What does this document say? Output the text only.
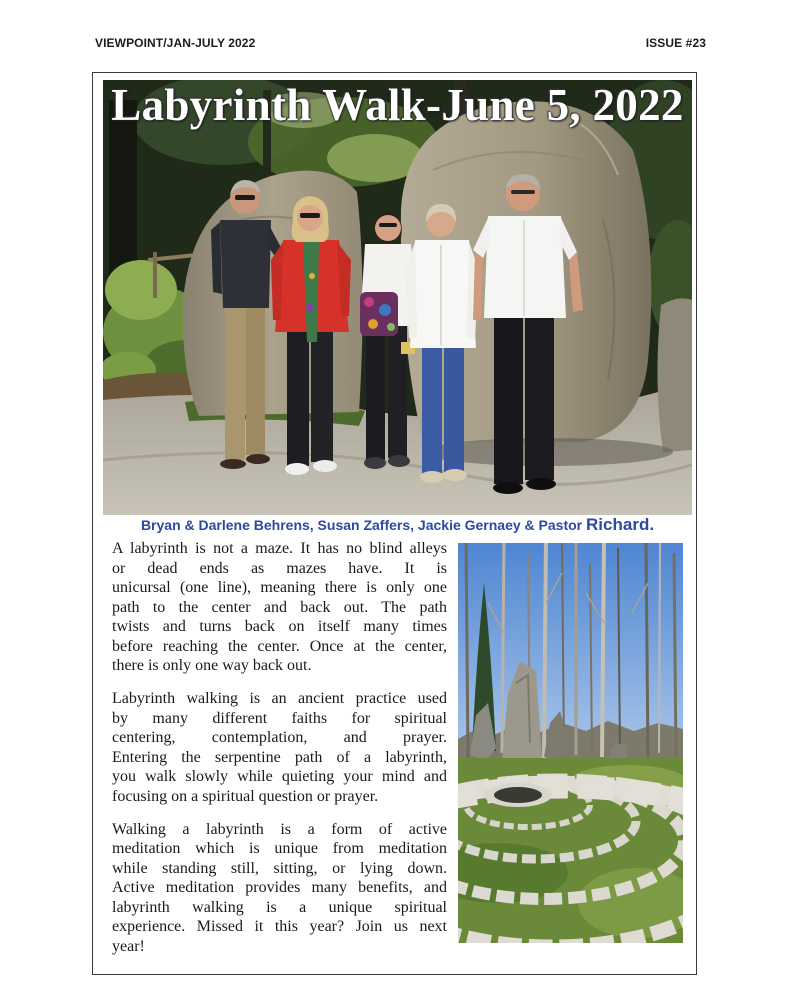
VIEWPOINT/JAN-JULY 2022	ISSUE #23
Labyrinth Walk-June 5, 2022
Bryan & Darlene Behrens, Susan Zaffers, Jackie Gernaey & Pastor Richard.
A labyrinth is not a maze. It has no blind alleys
or dead ends as mazes have. It is
unicursal (one line), meaning there is only one
path to the center and back out. The path
twists and turns back on itself many times
before reaching the center. Once at the center,
there is only one way back out.
Labyrinth walking is an ancient practice used
by many different faiths for spiritual
centering, contemplation, and prayer.
Entering the serpentine path of a labyrinth,
you walk slowly while quieting your mind and
focusing on a spiritual question or prayer.
Walking a labyrinth is a form of active
meditation which is unique from meditation
while standing still, sitting, or lying down.
Active meditation provides many benefits, and
labyrinth walking is a unique spiritual
experience. Missed it this year? Join us next
year!
